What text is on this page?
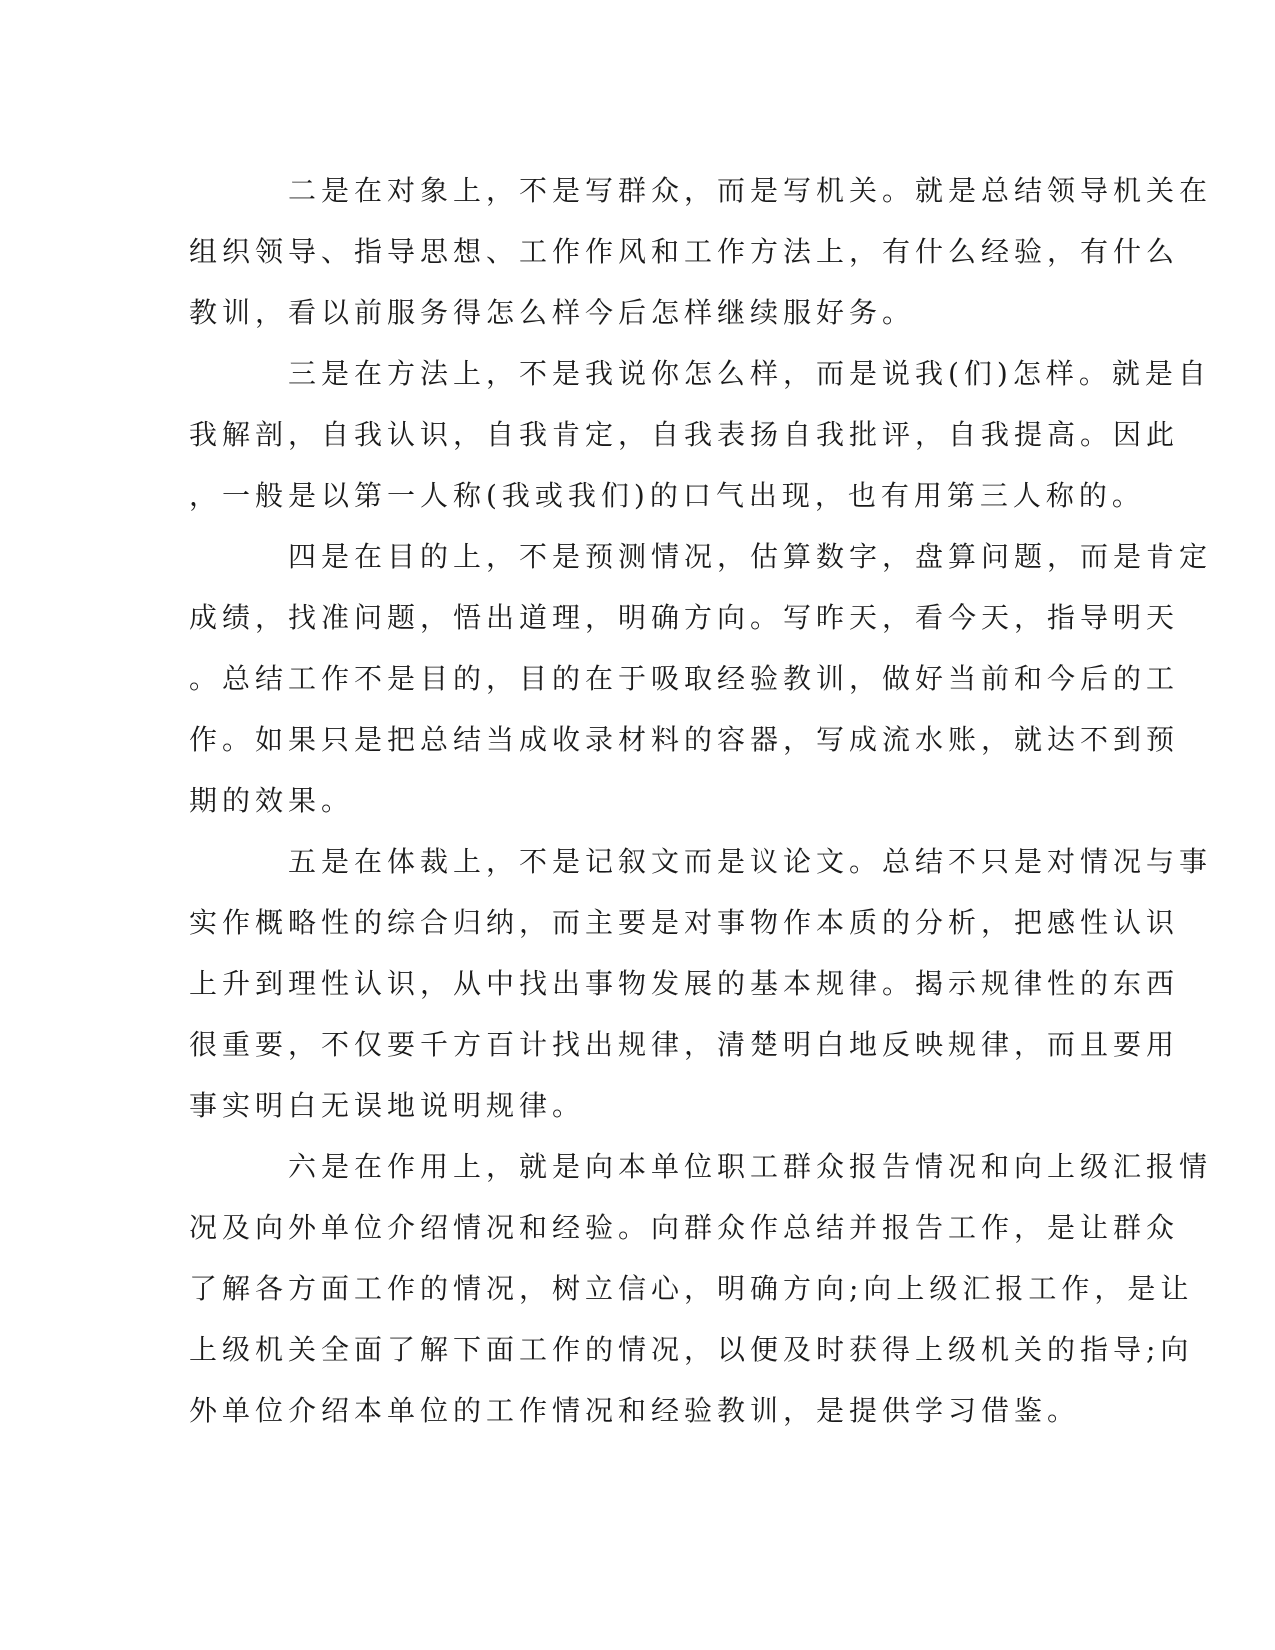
　　　二是在对象上，不是写群众，而是写机关。就是总结领导机关在
组织领导、指导思想、工作作风和工作方法上，有什么经验，有什么
教训，看以前服务得怎么样今后怎样继续服好务。
　　　三是在方法上，不是我说你怎么样，而是说我(们)怎样。就是自
我解剖，自我认识，自我肯定，自我表扬自我批评，自我提高。因此
，一般是以第一人称(我或我们)的口气出现，也有用第三人称的。
　　　四是在目的上，不是预测情况，估算数字，盘算问题，而是肯定
成绩，找准问题，悟出道理，明确方向。写昨天，看今天，指导明天
。总结工作不是目的，目的在于吸取经验教训，做好当前和今后的工
作。如果只是把总结当成收录材料的容器，写成流水账，就达不到预
期的效果。
　　　五是在体裁上，不是记叙文而是议论文。总结不只是对情况与事
实作概略性的综合归纳，而主要是对事物作本质的分析，把感性认识
上升到理性认识，从中找出事物发展的基本规律。揭示规律性的东西
很重要，不仅要千方百计找出规律，清楚明白地反映规律，而且要用
事实明白无误地说明规律。
　　　六是在作用上，就是向本单位职工群众报告情况和向上级汇报情
况及向外单位介绍情况和经验。向群众作总结并报告工作，是让群众
了解各方面工作的情况，树立信心，明确方向;向上级汇报工作，是让
上级机关全面了解下面工作的情况，以便及时获得上级机关的指导;向
外单位介绍本单位的工作情况和经验教训，是提供学习借鉴。
